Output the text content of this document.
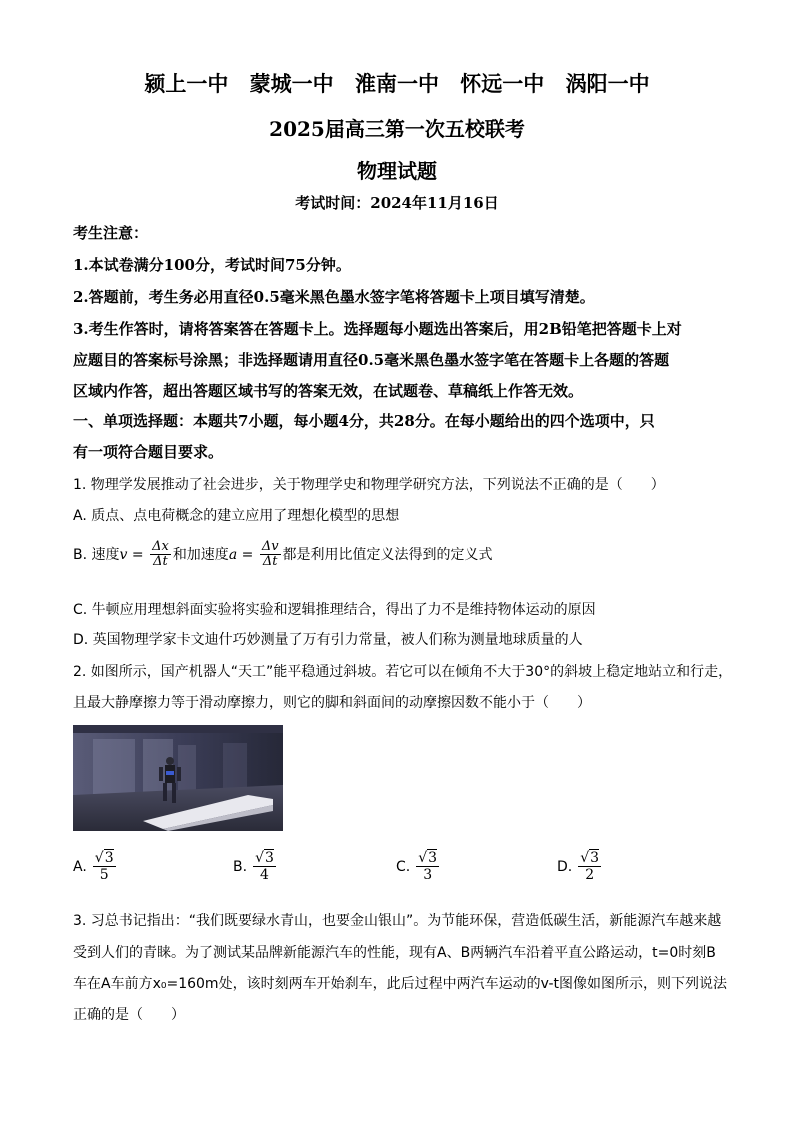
颍上一中 蒙城一中 淮南一中 怀远一中 涡阳一中
2025届高三第一次五校联考
物理试题
考试时间：2024年11月16日
考生注意：
1.本试卷满分100分，考试时间75分钟。
2.答题前，考生务必用直径0.5毫米黑色墨水签字笔将答题卡上项目填写清楚。
3.考生作答时，请将答案答在答题卡上。选择题每小题选出答案后，用2B铅笔把答题卡上对
应题目的答案标号涂黑；非选择题请用直径0.5毫米黑色墨水签字笔在答题卡上各题的答题
区域内作答，超出答题区域书写的答案无效，在试题卷、草稿纸上作答无效。
一、单项选择题：本题共7小题，每小题4分，共28分。在每小题给出的四个选项中，只
有一项符合题目要求。
1. 物理学发展推动了社会进步，关于物理学史和物理学研究方法，下列说法不正确的是（　　）
A. 质点、点电荷概念的建立应用了理想化模型的思想
B. 速度$v = \frac{\Delta x}{\Delta t}$ 和加速度$a = \frac{\Delta v}{\Delta t}$ 都是利用比值定义法得到的定义式
C. 牛顿应用理想斜面实验将实验和逻辑推理结合，得出了力不是维持物体运动的原因
D. 英国物理学家卡文迪什巧妙测量了万有引力常量，被人们称为测量地球质量的人
2. 如图所示，国产机器人“天工”能平稳通过斜坡。若它可以在倾角不大于30°的斜坡上稳定地站立和行走，
且最大静摩擦力等于滑动摩擦力，则它的脚和斜面间的动摩擦因数不能小于（　　）
A. $\frac{√3}{5}$	B. $\frac{√3}{4}$	C. $\frac{√3}{3}$	D. $\frac{√3}{2}$
3. 习总书记指出：“我们既要绿水青山，也要金山银山”。为节能环保，营造低碳生活，新能源汽车越来越
受到人们的青睐。为了测试某品牌新能源汽车的性能，现有A、B两辆汽车沿着平直公路运动，t=0时刻B
车在A车前方x₀=160m处，该时刻两车开始刹车，此后过程中两汽车运动的v-t图像如图所示，则下列说法
正确的是（　　）
